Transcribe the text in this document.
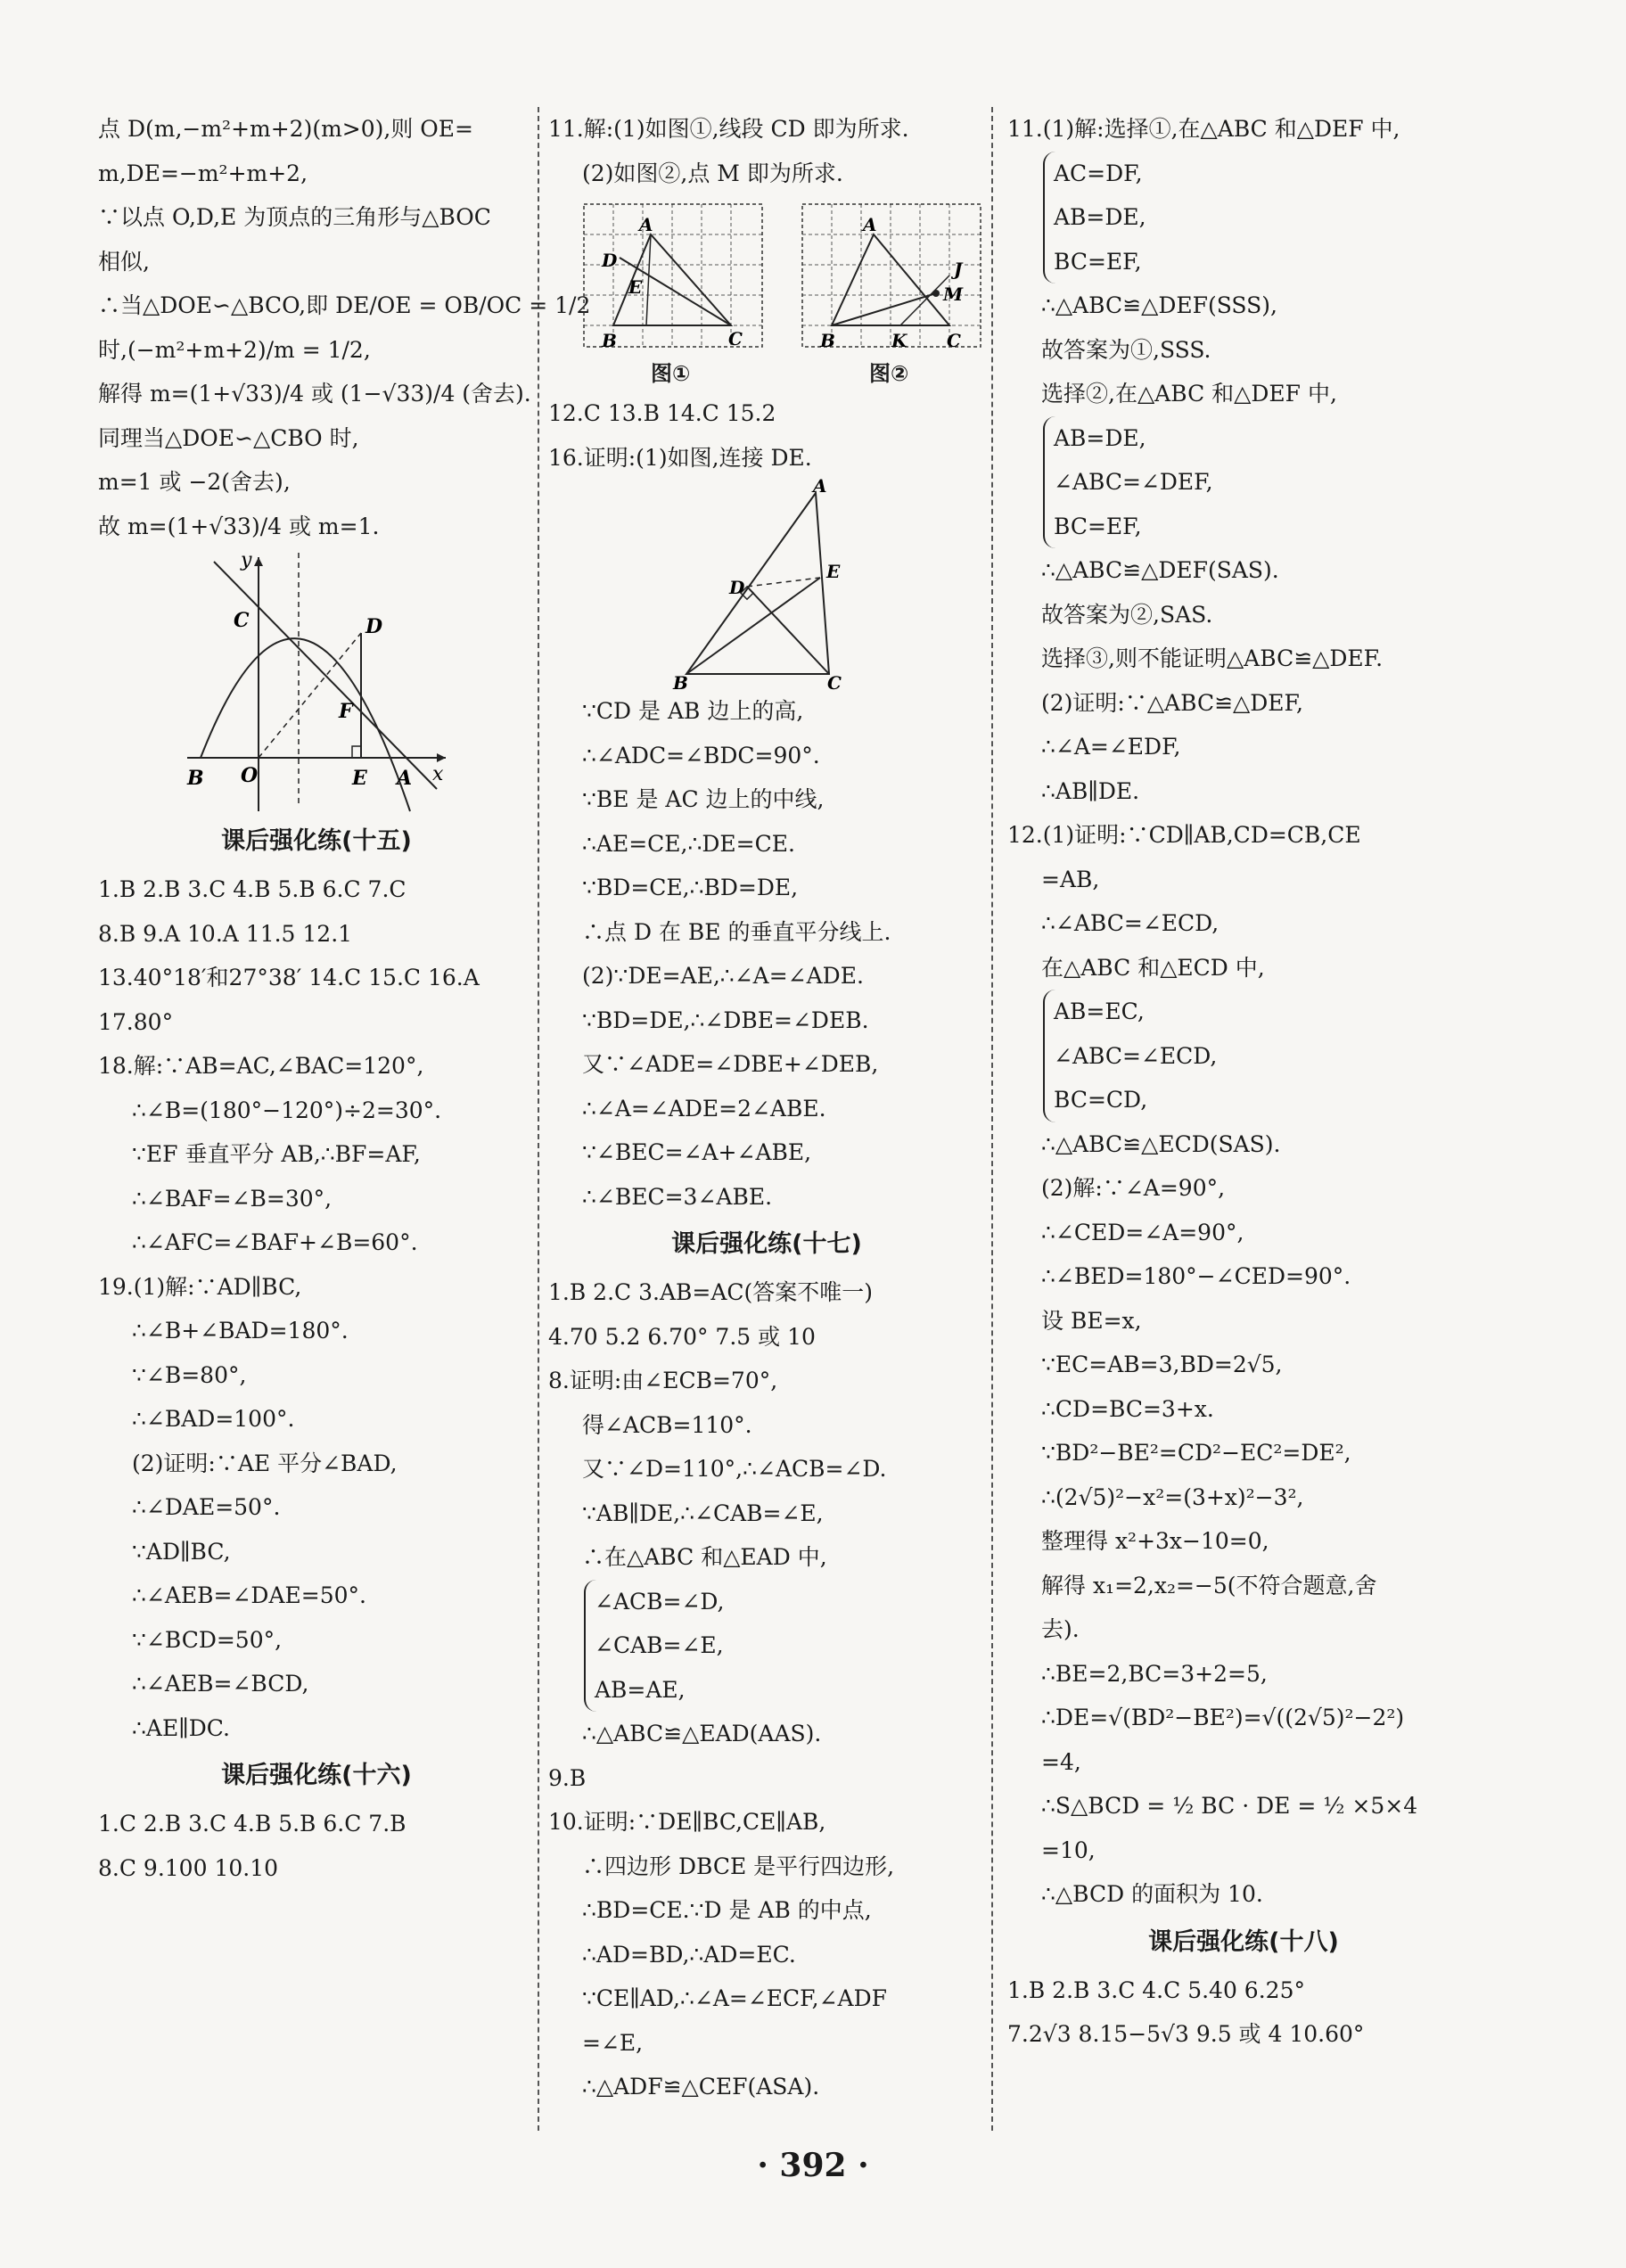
点 D(m,−m²+m+2)(m>0),则 OE=
m,DE=−m²+m+2,
∵以点 O,D,E 为顶点的三角形与△BOC
相似,
∴当△DOE∽△BCO,即 DE/OE = OB/OC = 1/2
时,(−m²+m+2)/m = 1/2,
解得 m=(1+√33)/4 或 (1−√33)/4 (舍去).
同理当△DOE∽△CBO 时,
m=1 或 −2(舍去),
故 m=(1+√33)/4 或 m=1.
y
C	D
F
B O	E A x
课后强化练(十五)
1.B 2.B 3.C 4.B 5.B 6.C 7.C
8.B 9.A 10.A 11.5 12.1
13.40°18′和27°38′ 14.C 15.C 16.A
17.80°
18.解:∵AB=AC,∠BAC=120°,
∴∠B=(180°−120°)÷2=30°.
∵EF 垂直平分 AB,∴BF=AF,
∴∠BAF=∠B=30°,
∴∠AFC=∠BAF+∠B=60°.
19.(1)解:∵AD∥BC,
∴∠B+∠BAD=180°.
∵∠B=80°,
∴∠BAD=100°.
(2)证明:∵AE 平分∠BAD,
∴∠DAE=50°.
∵AD∥BC,
∴∠AEB=∠DAE=50°.
∵∠BCD=50°,
∴∠AEB=∠BCD,
∴AE∥DC.
课后强化练(十六)
1.C 2.B 3.C 4.B 5.B 6.C 7.B
8.C 9.100 10.10
11.解:(1)如图①,线段 CD 即为所求.
(2)如图②,点 M 即为所求.
A
D
E
B	C
A
J
M
B	K C
图①	图②
12.C 13.B 14.C 15.2
16.证明:(1)如图,连接 DE.
A
D
E
B	C
∵CD 是 AB 边上的高,
∴∠ADC=∠BDC=90°.
∵BE 是 AC 边上的中线,
∴AE=CE,∴DE=CE.
∵BD=CE,∴BD=DE,
∴点 D 在 BE 的垂直平分线上.
(2)∵DE=AE,∴∠A=∠ADE.
∵BD=DE,∴∠DBE=∠DEB.
又∵∠ADE=∠DBE+∠DEB,
∴∠A=∠ADE=2∠ABE.
∵∠BEC=∠A+∠ABE,
∴∠BEC=3∠ABE.
课后强化练(十七)
1.B 2.C 3.AB=AC(答案不唯一)
4.70 5.2 6.70° 7.5 或 10
8.证明:由∠ECB=70°,
得∠ACB=110°.
又∵∠D=110°,∴∠ACB=∠D.
∵AB∥DE,∴∠CAB=∠E,
∴在△ABC 和△EAD 中,
∠ACB=∠D,
∠CAB=∠E,
AB=AE,
∴△ABC≌△EAD(AAS).
9.B
10.证明:∵DE∥BC,CE∥AB,
∴四边形 DBCE 是平行四边形,
∴BD=CE.∵D 是 AB 的中点,
∴AD=BD,∴AD=EC.
∵CE∥AD,∴∠A=∠ECF,∠ADF
=∠E,
∴△ADF≌△CEF(ASA).
11.(1)解:选择①,在△ABC 和△DEF 中,
AC=DF,
AB=DE,
BC=EF,
∴△ABC≌△DEF(SSS),
故答案为①,SSS.
选择②,在△ABC 和△DEF 中,
AB=DE,
∠ABC=∠DEF,
BC=EF,
∴△ABC≌△DEF(SAS).
故答案为②,SAS.
选择③,则不能证明△ABC≌△DEF.
(2)证明:∵△ABC≌△DEF,
∴∠A=∠EDF,
∴AB∥DE.
12.(1)证明:∵CD∥AB,CD=CB,CE
=AB,
∴∠ABC=∠ECD,
在△ABC 和△ECD 中,
AB=EC,
∠ABC=∠ECD,
BC=CD,
∴△ABC≌△ECD(SAS).
(2)解:∵∠A=90°,
∴∠CED=∠A=90°,
∴∠BED=180°−∠CED=90°.
设 BE=x,
∵EC=AB=3,BD=2√5,
∴CD=BC=3+x.
∵BD²−BE²=CD²−EC²=DE²,
∴(2√5)²−x²=(3+x)²−3²,
整理得 x²+3x−10=0,
解得 x₁=2,x₂=−5(不符合题意,舍
去).
∴BE=2,BC=3+2=5,
∴DE=√(BD²−BE²)=√((2√5)²−2²)
=4,
∴S△BCD = ½ BC · DE = ½ ×5×4
=10,
∴△BCD 的面积为 10.
课后强化练(十八)
1.B 2.B 3.C 4.C 5.40 6.25°
7.2√3 8.15−5√3 9.5 或 4 10.60°
· 392 ·
